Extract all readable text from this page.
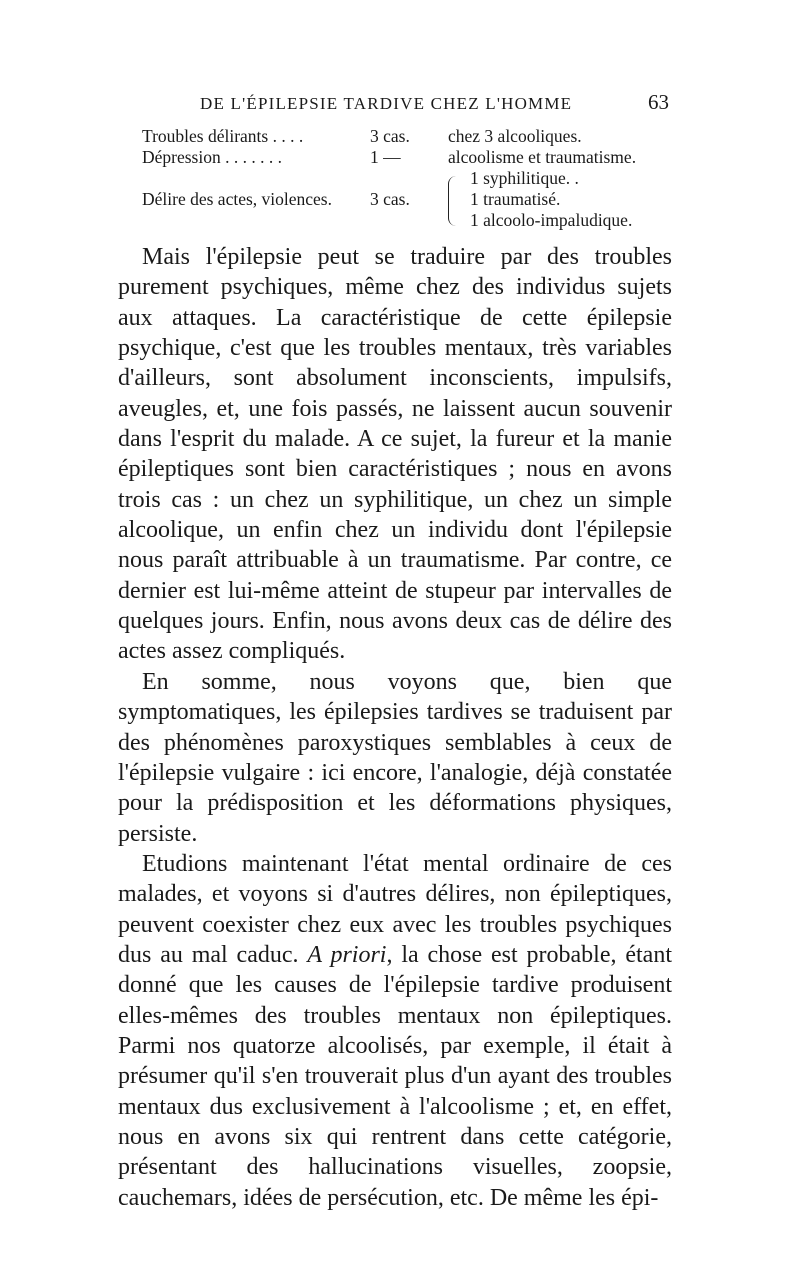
DE L'ÉPILEPSIE TARDIVE CHEZ L'HOMME	63
Troubles délirants . . . .	3 cas.	chez 3 alcooliques.
Dépression . . . . . . .	1 —	alcoolisme et traumatisme.
Délire des actes, violences.	3 cas.	1 syphilitique. .
1 traumatisé.
1 alcoolo-impaludique.

Mais l'épilepsie peut se traduire par des troubles purement psychiques, même chez des individus sujets aux attaques. La caractéristique de cette épilepsie psychique, c'est que les troubles mentaux, très variables d'ailleurs, sont absolument inconscients, impulsifs, aveugles, et, une fois passés, ne laissent aucun souvenir dans l'esprit du malade. A ce sujet, la fureur et la manie épileptiques sont bien caractéristiques ; nous en avons trois cas : un chez un syphilitique, un chez un simple alcoolique, un enfin chez un individu dont l'épilepsie nous paraît attribuable à un traumatisme. Par contre, ce dernier est lui-même atteint de stupeur par intervalles de quelques jours. Enfin, nous avons deux cas de délire des actes assez compliqués.

En somme, nous voyons que, bien que symptomatiques, les épilepsies tardives se traduisent par des phénomènes paroxystiques semblables à ceux de l'épilepsie vulgaire : ici encore, l'analogie, déjà constatée pour la prédisposition et les déformations physiques, persiste.

Etudions maintenant l'état mental ordinaire de ces malades, et voyons si d'autres délires, non épileptiques, peuvent coexister chez eux avec les troubles psychiques dus au mal caduc. A priori, la chose est probable, étant donné que les causes de l'épilepsie tardive produisent elles-mêmes des troubles mentaux non épileptiques. Parmi nos quatorze alcoolisés, par exemple, il était à présumer qu'il s'en trouverait plus d'un ayant des troubles mentaux dus exclusivement à l'alcoolisme ; et, en effet, nous en avons six qui rentrent dans cette catégorie, présentant des hallucinations visuelles, zoopsie, cauchemars, idées de persécution, etc. De même les épi-
